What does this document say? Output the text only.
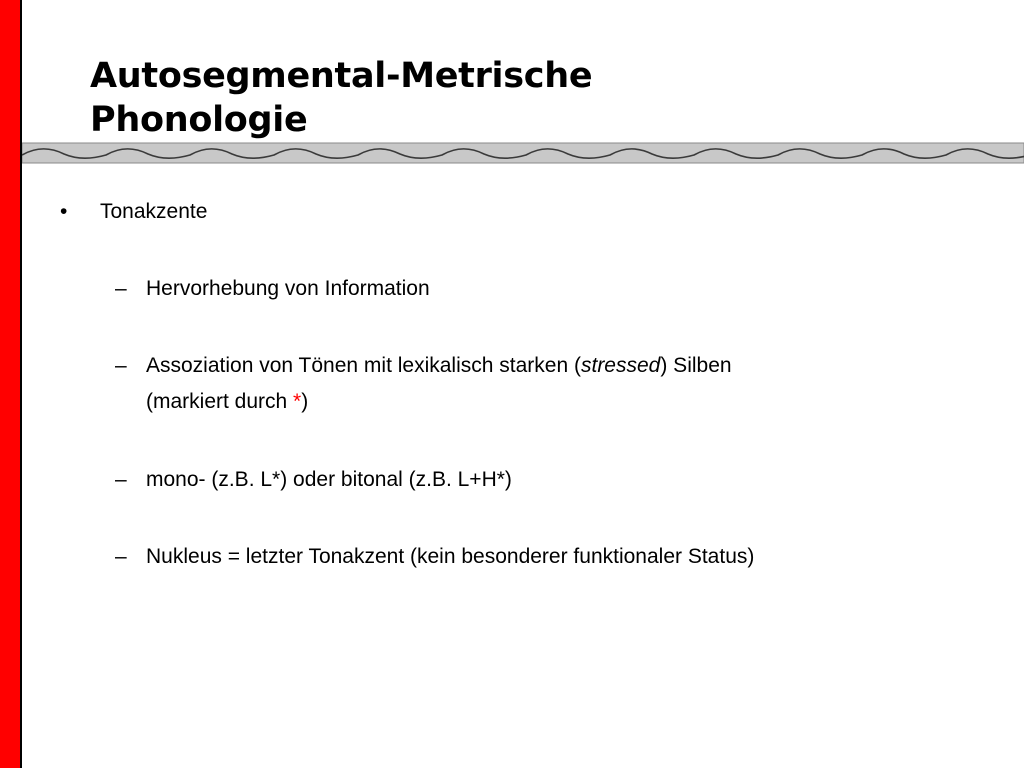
Autosegmental-Metrische
Phonologie
• Tonakzente
– Hervorhebung von Information
– Assoziation von Tönen mit lexikalisch starken (stressed) Silben
(markiert durch *)
– mono- (z.B. L*) oder bitonal (z.B. L+H*)
– Nukleus = letzter Tonakzent (kein besonderer funktionaler Status)
